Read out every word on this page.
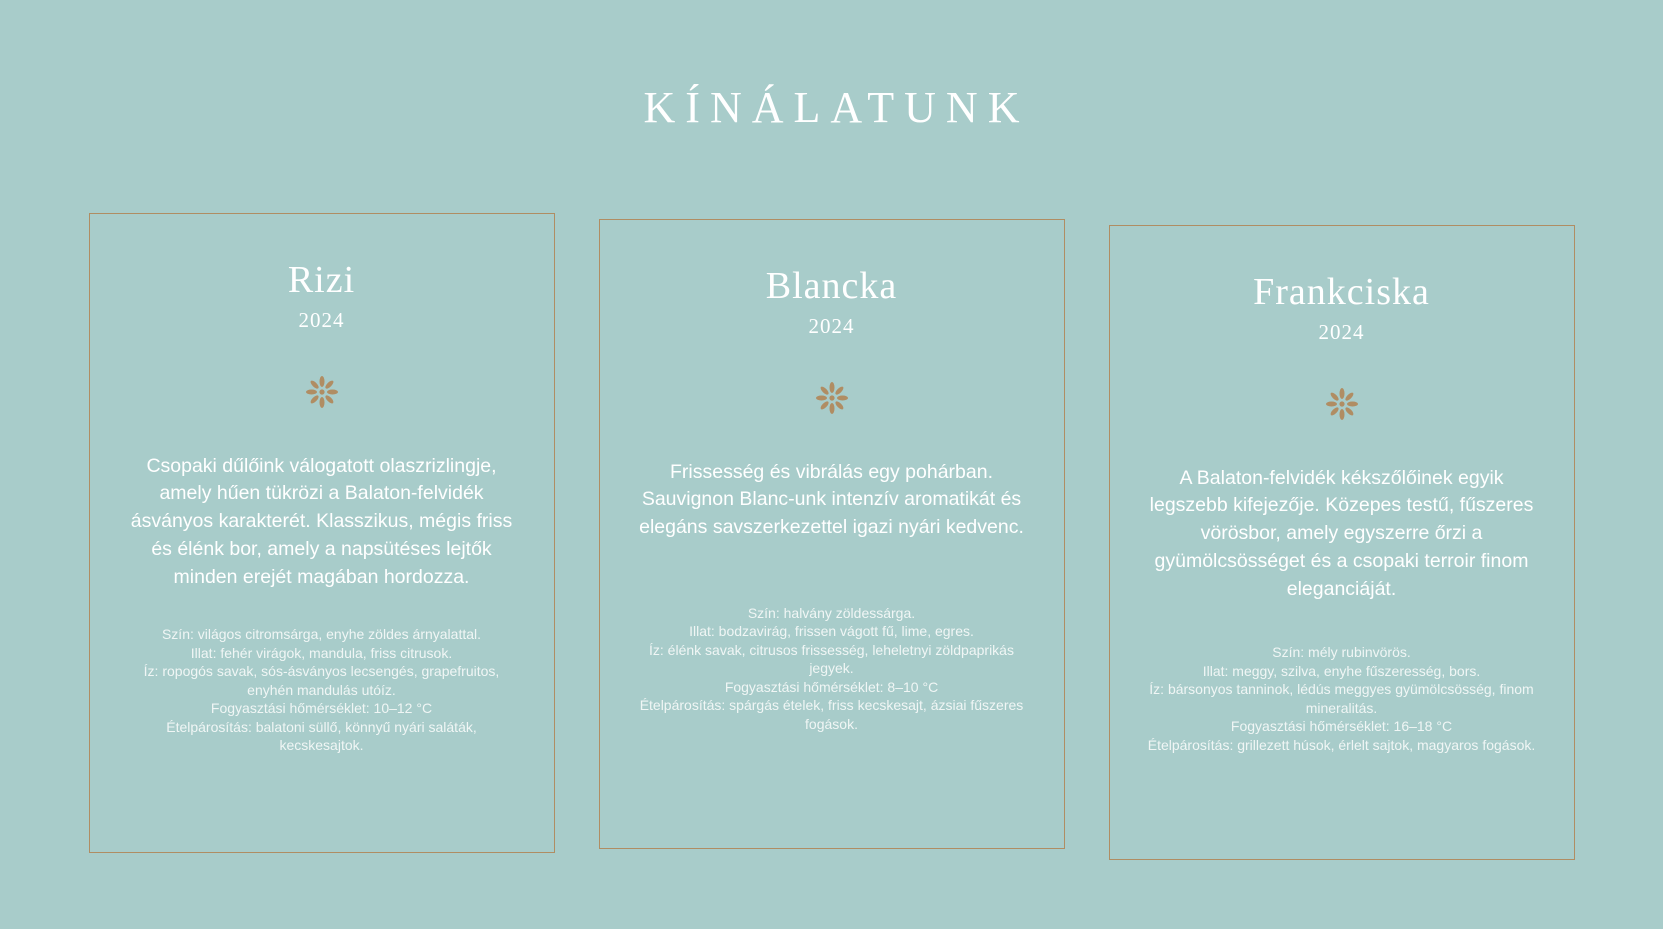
KÍNÁLATUNK
Rizi
2024

Csopaki dűlőink válogatott olaszrizlingje, amely hűen tükrözi a Balaton-felvidék ásványos karakterét. Klasszikus, mégis friss és élénk bor, amely a napsütéses lejtők minden erejét magában hordozza.

Szín: világos citromsárga, enyhe zöldes árnyalattal.
Illat: fehér virágok, mandula, friss citrusok.
Íz: ropogós savak, sós-ásványos lecsengés, grapefruitos, enyhén mandulás utóíz.
Fogyasztási hőmérséklet: 10–12 °C
Ételpárosítás: balatoni süllő, könnyű nyári saláták, kecskesajtok.
Blancka
2024

Frissesség és vibrálás egy pohárban. Sauvignon Blanc-unk intenzív aromatikát és elegáns savszerkezettel igazi nyári kedvenc.

Szín: halvány zöldessárga.
Illat: bodzavirág, frissen vágott fű, lime, egres.
Íz: élénk savak, citrusos frissesség, leheletnyi zöldpaprikás jegyek.
Fogyasztási hőmérséklet: 8–10 °C
Ételpárosítás: spárgás ételek, friss kecskesajt, ázsiai fűszeres fogások.
Frankciska
2024

A Balaton-felvidék kékszőlőinek egyik legszebb kifejezője. Közepes testű, fűszeres vörösbor, amely egyszerre őrzi a gyümölcsösséget és a csopaki terroir finom eleganciáját.

Szín: mély rubinvörös.
Illat: meggy, szilva, enyhe fűszeresség, bors.
Íz: bársonyos tanninok, lédús meggyes gyümölcsösség, finom mineralitás.
Fogyasztási hőmérséklet: 16–18 °C
Ételpárosítás: grillezett húsok, érlelt sajtok, magyaros fogások.
